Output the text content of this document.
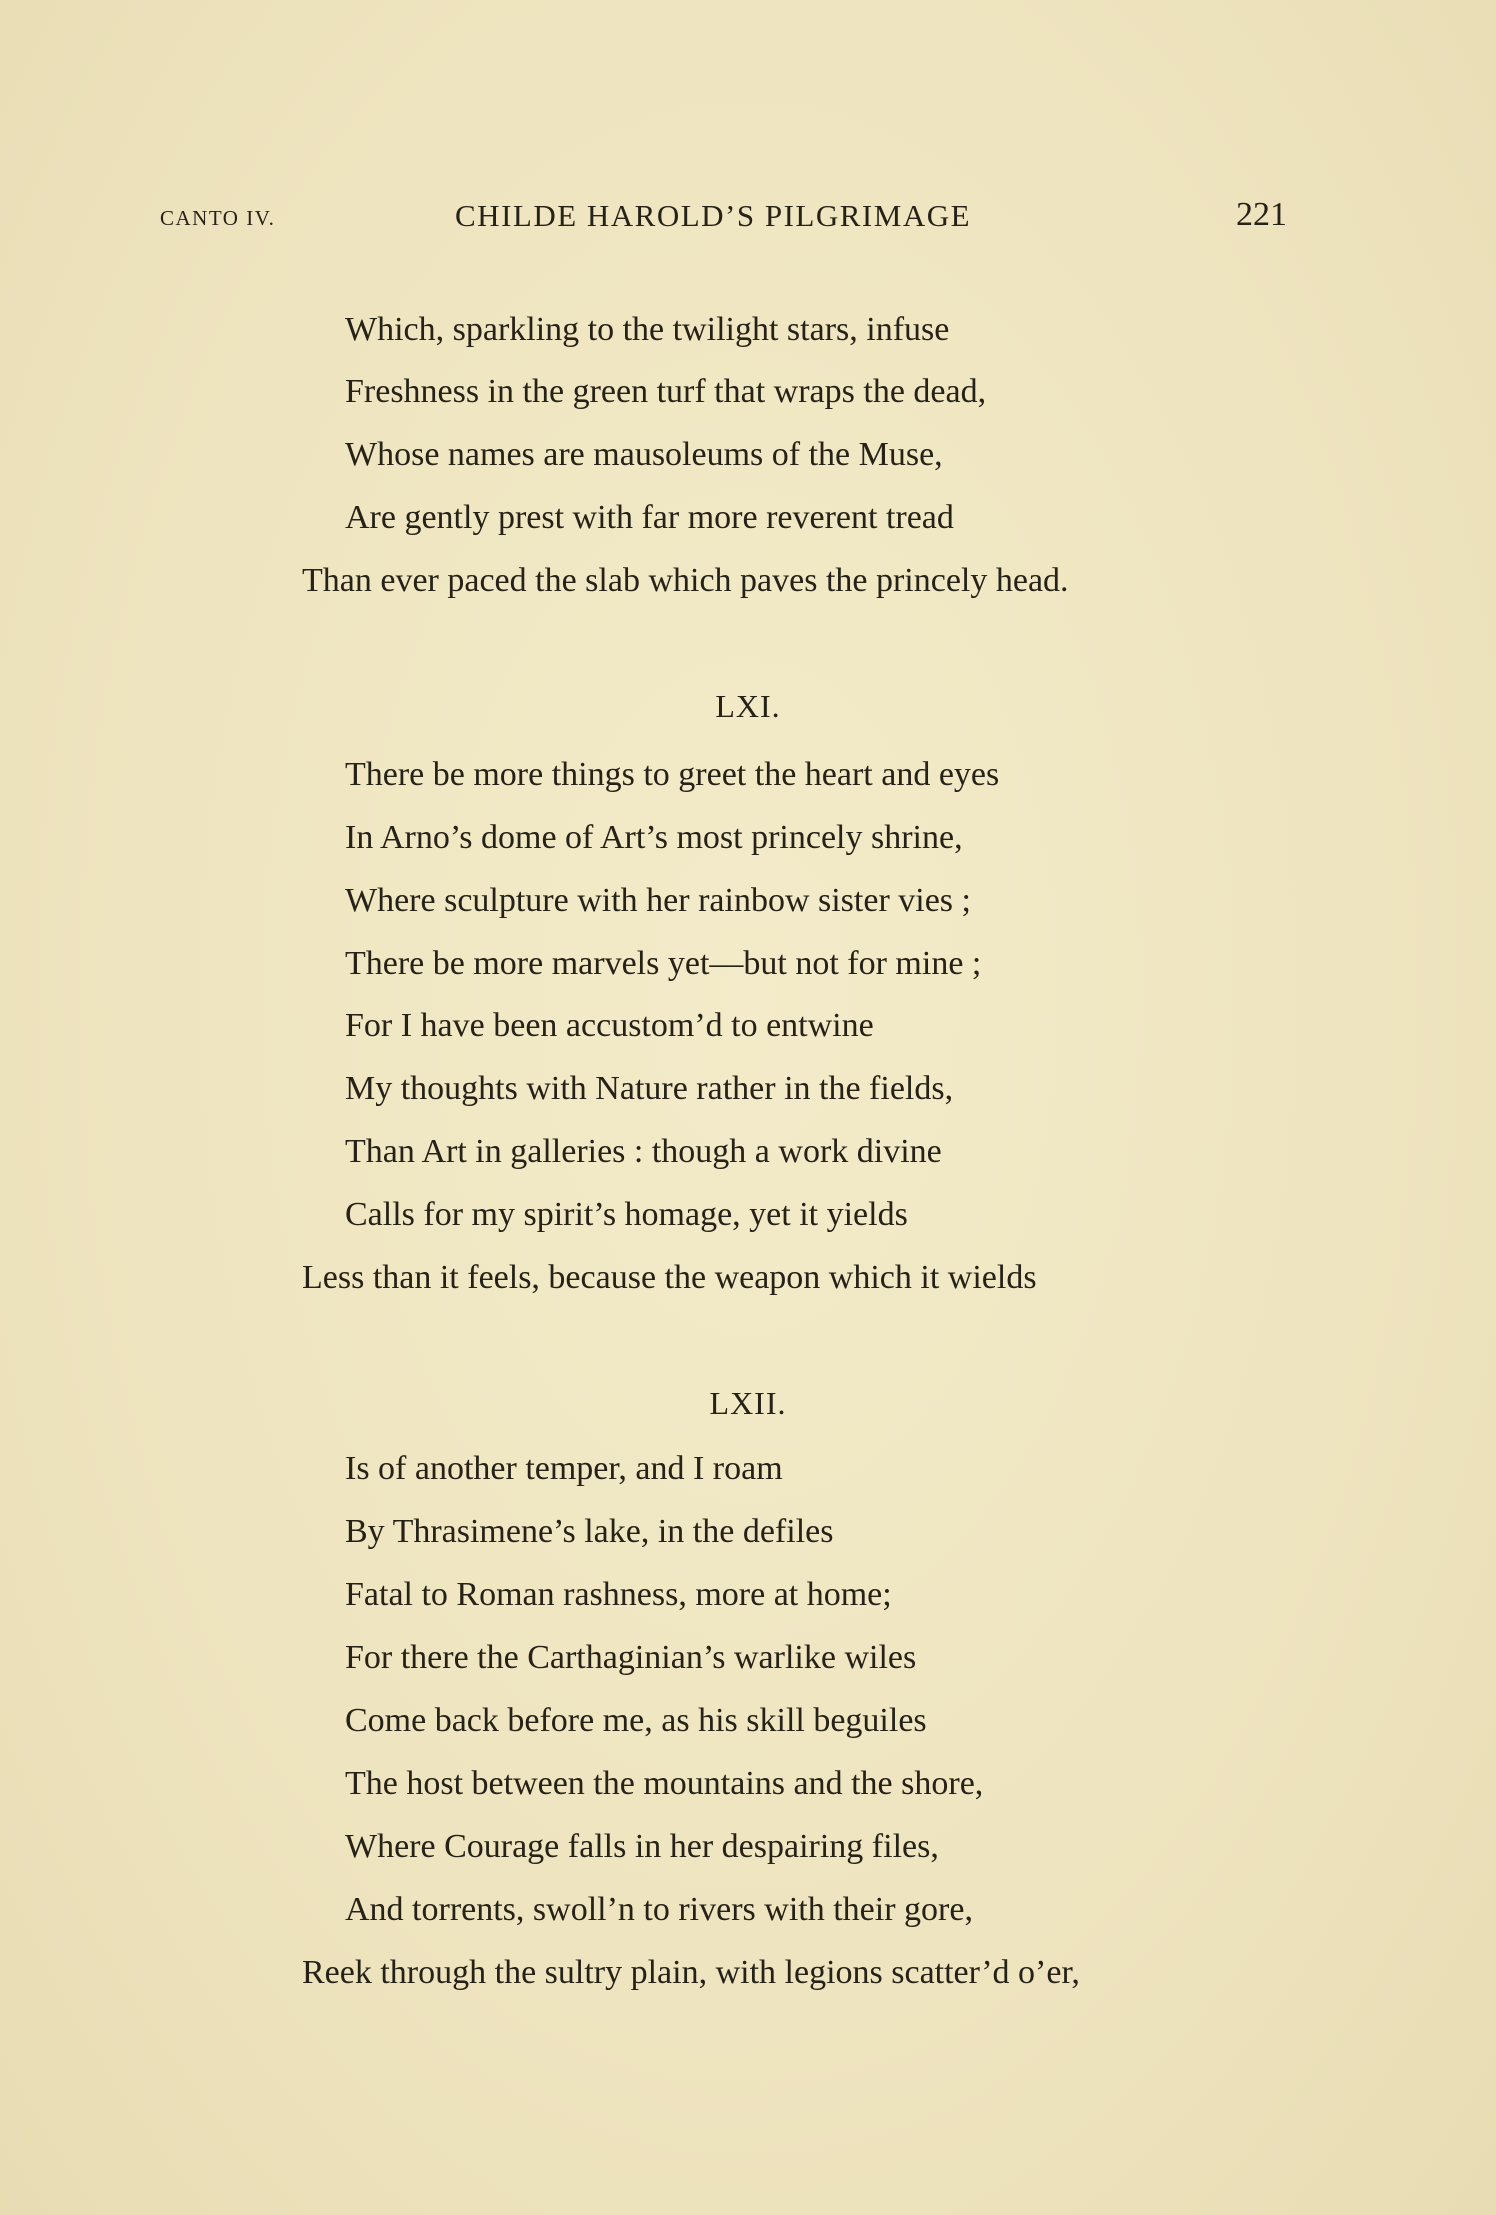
CANTO IV.	CHILDE HAROLD’S PILGRIMAGE	221
Which, sparkling to the twilight stars, infuse
Freshness in the green turf that wraps the dead,
Whose names are mausoleums of the Muse,
Are gently prest with far more reverent tread
Than ever paced the slab which paves the princely head.
LXI.
There be more things to greet the heart and eyes
In Arno’s dome of Art’s most princely shrine,
Where sculpture with her rainbow sister vies ;
There be more marvels yet—but not for mine ;
For I have been accustom’d to entwine
My thoughts with Nature rather in the fields,
Than Art in galleries : though a work divine
Calls for my spirit’s homage, yet it yields
Less than it feels, because the weapon which it wields
LXII.
Is of another temper, and I roam
By Thrasimene’s lake, in the defiles
Fatal to Roman rashness, more at home;
For there the Carthaginian’s warlike wiles
Come back before me, as his skill beguiles
The host between the mountains and the shore,
Where Courage falls in her despairing files,
And torrents, swoll’n to rivers with their gore,
Reek through the sultry plain, with legions scatter’d o’er,
